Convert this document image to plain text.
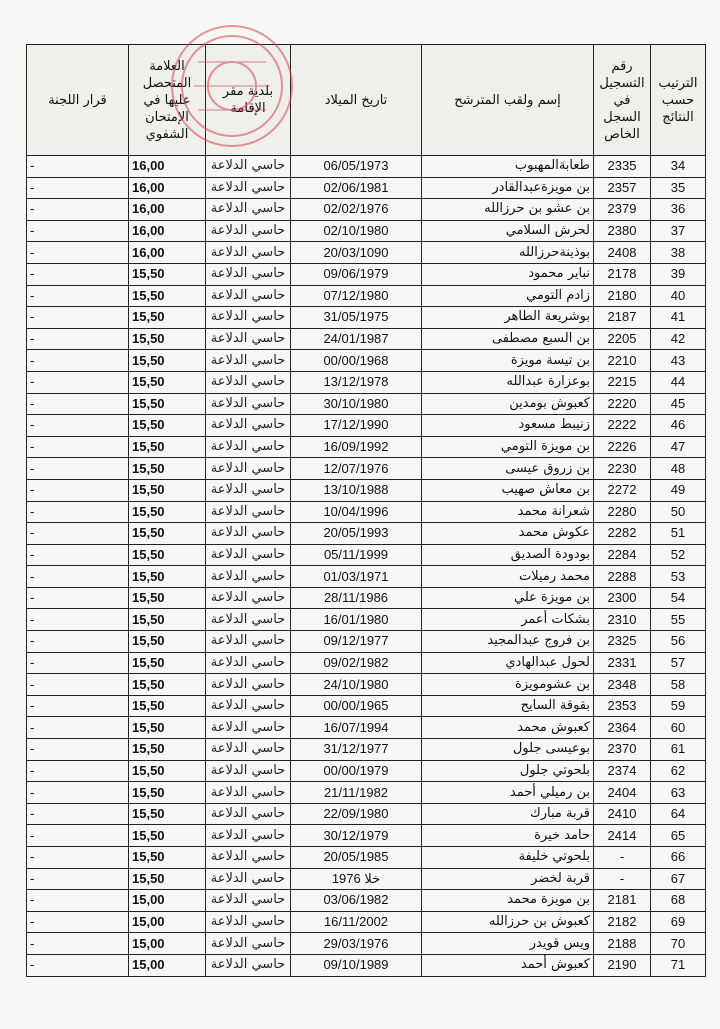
الترتيب حسب النتائج	رقم التسجيل في السجل الخاص	إسم ولقب المترشح	تاريخ الميلاد	بلدية مقر الإقامة	العلامة المتحصل عليها في الإمتحان الشفوي	قرار اللجنة
34	2335	طعابةالمهبوب	06/05/1973	حاسي الدلاعة	16,00	-
35	2357	بن مويزةعبدالقادر	02/06/1981	حاسي الدلاعة	16,00	-
36	2379	بن عشو بن حرزالله	02/02/1976	حاسي الدلاعة	16,00	-
37	2380	لحرش السلامي	02/10/1980	حاسي الدلاعة	16,00	-
38	2408	بوذينةحرزالله	20/03/1090	حاسي الدلاعة	16,00	-
39	2178	نباير محمود	09/06/1979	حاسي الدلاعة	15,50	-
40	2180	زادم التومي	07/12/1980	حاسي الدلاعة	15,50	-
41	2187	بوشريعة الطاهر	31/05/1975	حاسي الدلاعة	15,50	-
42	2205	بن السبع مصطفى	24/01/1987	حاسي الدلاعة	15,50	-
43	2210	بن تيسة مويزة	00/00/1968	حاسي الدلاعة	15,50	-
44	2215	بوعزارة عبدالله	13/12/1978	حاسي الدلاعة	15,50	-
45	2220	كعبوش بومدين	30/10/1980	حاسي الدلاعة	15,50	-
46	2222	زنيبط مسعود	17/12/1990	حاسي الدلاعة	15,50	-
47	2226	بن مويزة التومي	16/09/1992	حاسي الدلاعة	15,50	-
48	2230	بن زروق عيسى	12/07/1976	حاسي الدلاعة	15,50	-
49	2272	بن معاش صهيب	13/10/1988	حاسي الدلاعة	15,50	-
50	2280	شعرانة محمد	10/04/1996	حاسي الدلاعة	15,50	-
51	2282	عكوش محمد	20/05/1993	حاسي الدلاعة	15,50	-
52	2284	بودودة الصديق	05/11/1999	حاسي الدلاعة	15,50	-
53	2288	محمد رميلات	01/03/1971	حاسي الدلاعة	15,50	-
54	2300	بن مويزة علي	28/11/1986	حاسي الدلاعة	15,50	-
55	2310	بشكات أعمر	16/01/1980	حاسي الدلاعة	15,50	-
56	2325	بن فروج عبدالمجيد	09/12/1977	حاسي الدلاعة	15,50	-
57	2331	لحول عبدالهادي	09/02/1982	حاسي الدلاعة	15,50	-
58	2348	بن عشومويزة	24/10/1980	حاسي الدلاعة	15,50	-
59	2353	بقوقة السايح	00/00/1965	حاسي الدلاعة	15,50	-
60	2364	كعبوش محمد	16/07/1994	حاسي الدلاعة	15,50	-
61	2370	بوعيسى جلول	31/12/1977	حاسي الدلاعة	15,50	-
62	2374	بلحوتي جلول	00/00/1979	حاسي الدلاعة	15,50	-
63	2404	بن رميلي أحمد	21/11/1982	حاسي الدلاعة	15,50	-
64	2410	قربة مبارك	22/09/1980	حاسي الدلاعة	15,50	-
65	2414	حامد خيرة	30/12/1979	حاسي الدلاعة	15,50	-
66	-	بلحوتي خليفة	20/05/1985	حاسي الدلاعة	15,50	-
67	-	قربة لخضر	خلا 1976	حاسي الدلاعة	15,50	-
68	2181	بن مويزة محمد	03/06/1982	حاسي الدلاعة	15,00	-
69	2182	كعبوش بن حرزالله	16/11/2002	حاسي الدلاعة	15,00	-
70	2188	ويس قويدر	29/03/1976	حاسي الدلاعة	15,00	-
71	2190	كعبوش أحمد	09/10/1989	حاسي الدلاعة	15,00	-
